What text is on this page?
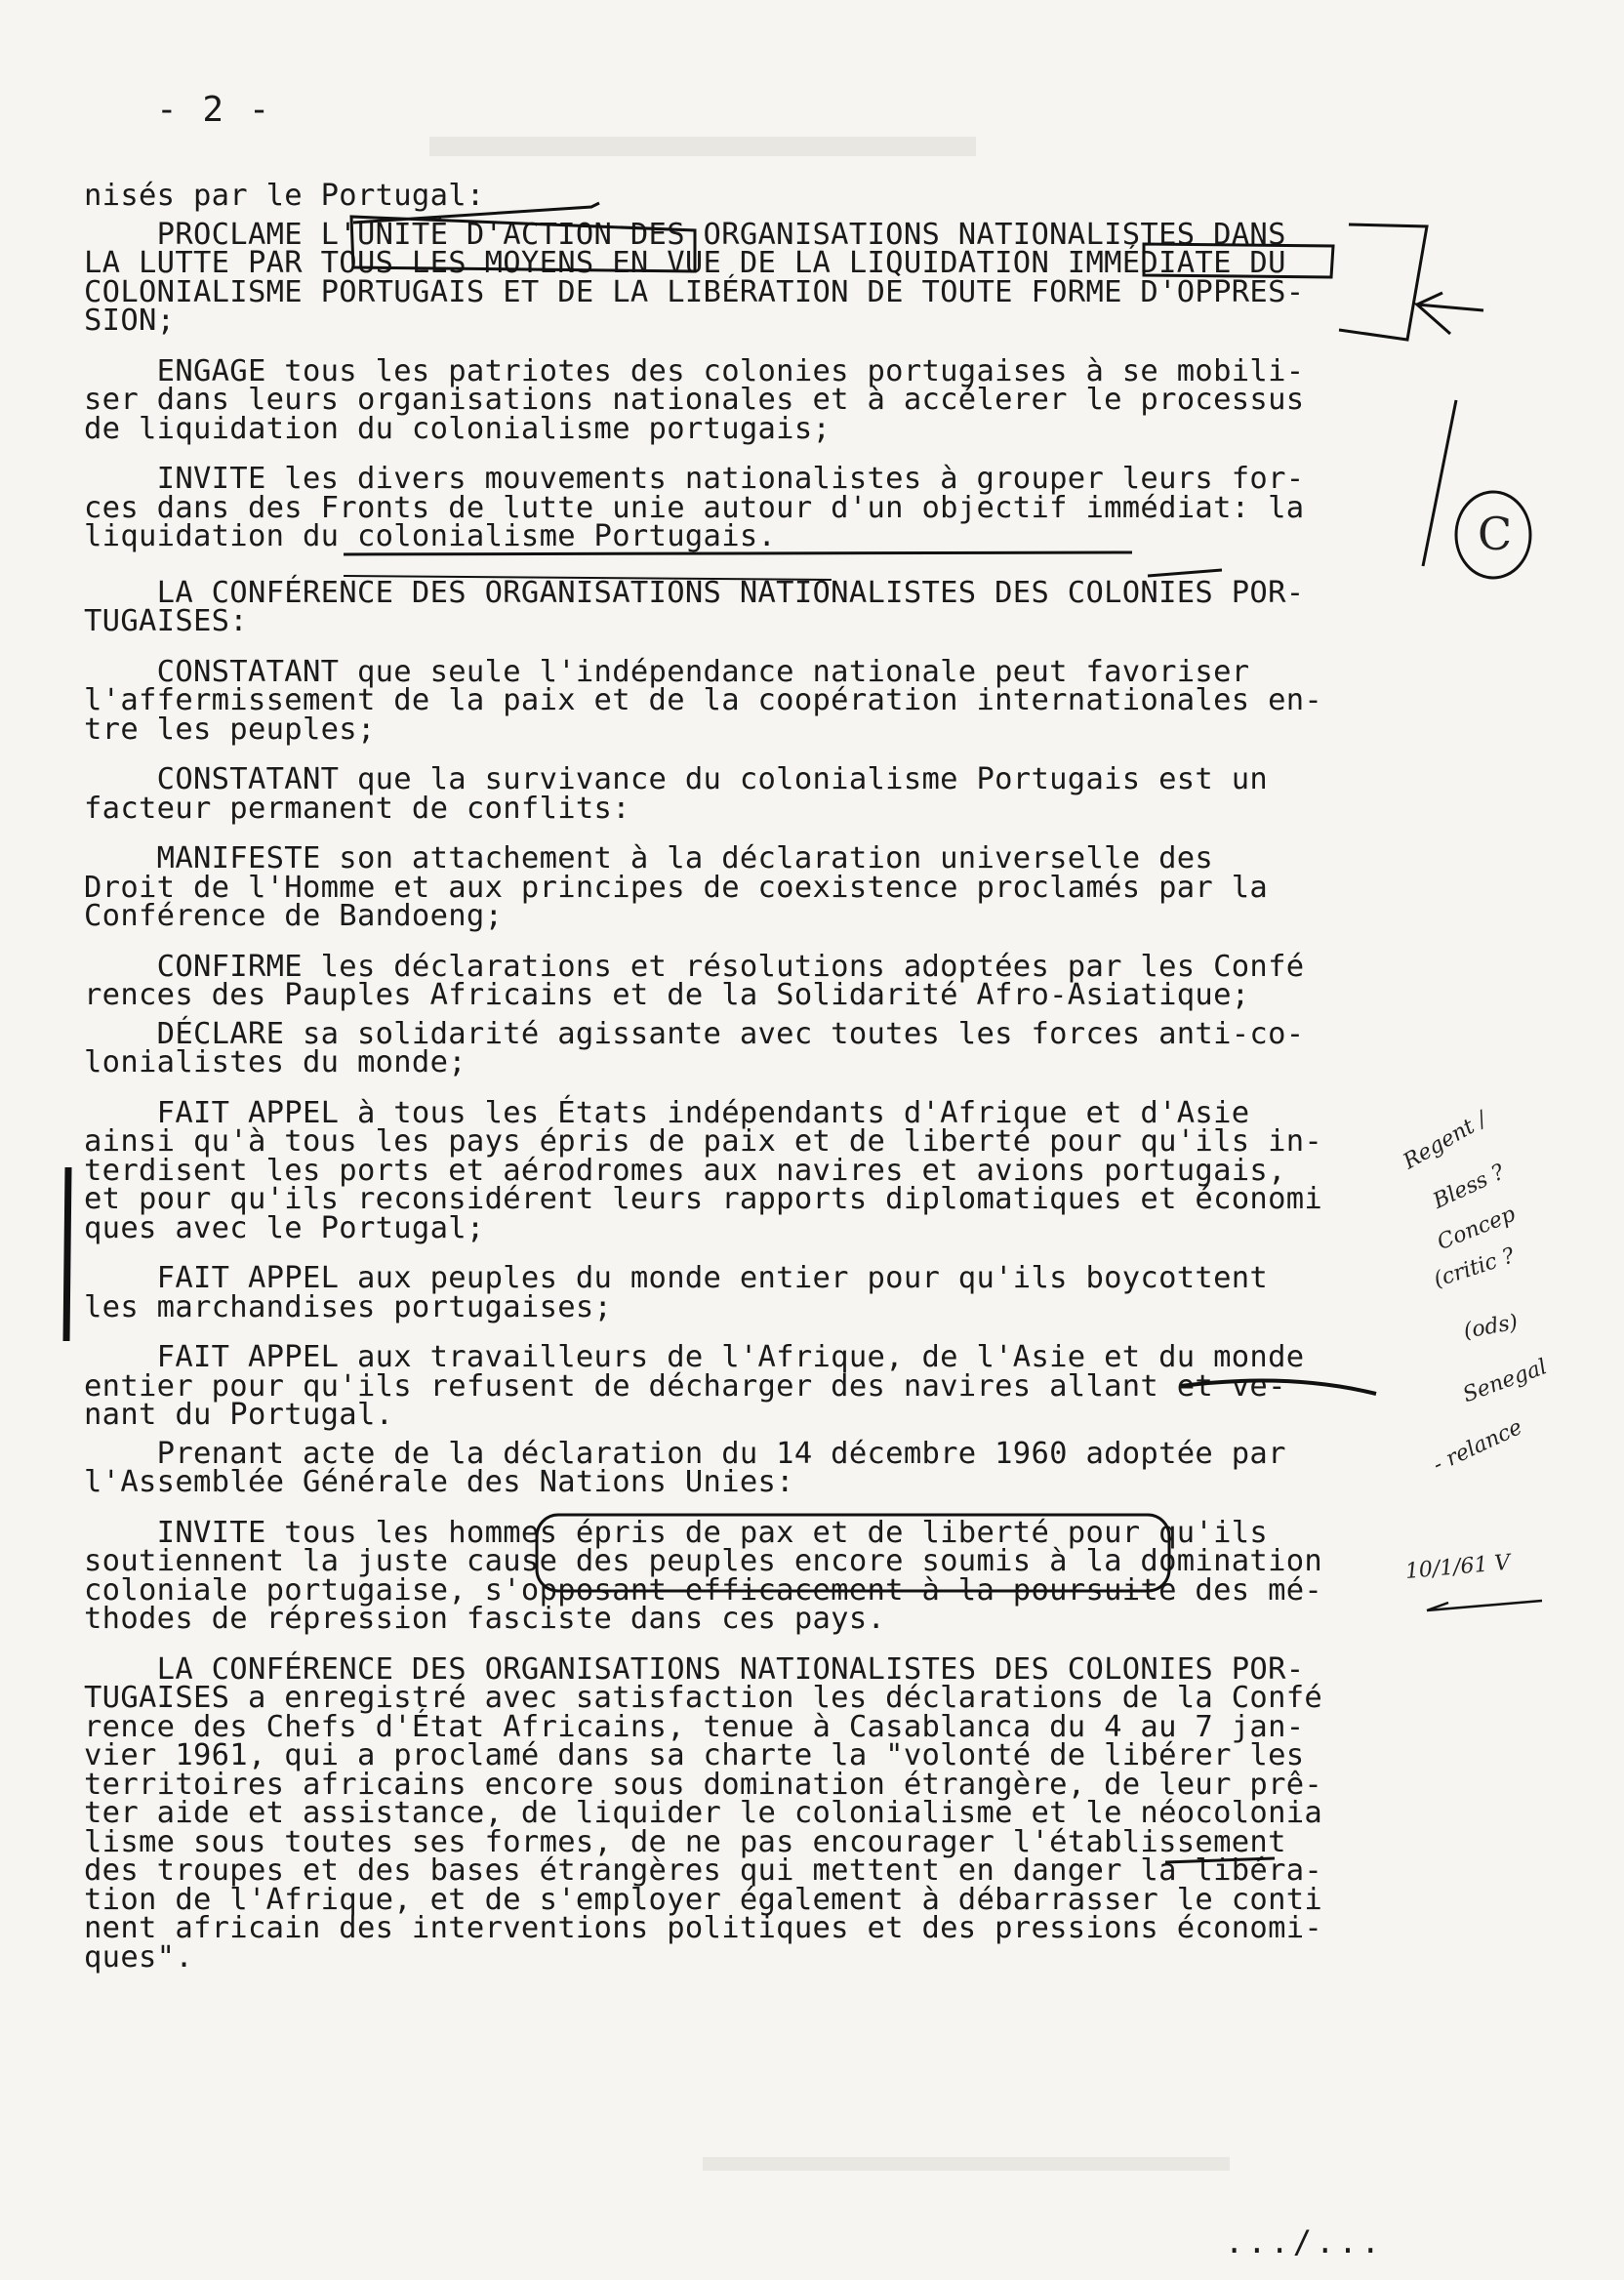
- 2 -
nisés par le Portugal:
PROCLAME L'UNITÉ D'ACTION DES ORGANISATIONS NATIONALISTES DANS
LA LUTTE PAR TOUS LES MOYENS EN VUE DE LA LIQUIDATION IMMÉDIATE DU
COLONIALISME PORTUGAIS ET DE LA LIBÉRATION DE TOUTE FORME D'OPPRES-
SION;
ENGAGE tous les patriotes des colonies portugaises à se mobili-
ser dans leurs organisations nationales et à accélerer le processus
de liquidation du colonialisme portugais;
INVITE les divers mouvements nationalistes à grouper leurs for-
ces dans des Fronts de lutte unie autour d'un objectif immédiat: la
liquidation du colonialisme Portugais.
LA CONFÉRENCE DES ORGANISATIONS NATIONALISTES DES COLONIES POR-
TUGAISES:
CONSTATANT que seule l'indépendance nationale peut favoriser
l'affermissement de la paix et de la coopération internationales en-
tre les peuples;
CONSTATANT que la survivance du colonialisme Portugais est un
facteur permanent de conflits:
MANIFESTE son attachement à la déclaration universelle des
Droit de l'Homme et aux principes de coexistence proclamés par la
Conférence de Bandoeng;
CONFIRME les déclarations et résolutions adoptées par les Confé
rences des Pauples Africains et de la Solidarité Afro-Asiatique;
DÉCLARE sa solidarité agissante avec toutes les forces anti-co-
lonialistes du monde;
FAIT APPEL à tous les États indépendants d'Afrique et d'Asie
ainsi qu'à tous les pays épris de paix et de liberté pour qu'ils in-
terdisent les ports et aérodromes aux navires et avions portugais,
et pour qu'ils reconsidérent leurs rapports diplomatiques et économi
ques avec le Portugal;
FAIT APPEL aux peuples du monde entier pour qu'ils boycottent
les marchandises portugaises;
FAIT APPEL aux travailleurs de l'Afrique, de l'Asie et du monde
entier pour qu'ils refusent de décharger des navires allant et ve-
nant du Portugal.
Prenant acte de la déclaration du 14 décembre 1960 adoptée par
l'Assemblée Générale des Nations Unies:
INVITE tous les hommes épris de pax et de liberté pour qu'ils
soutiennent la juste cause des peuples encore soumis à la domination
coloniale portugaise, s'opposant efficacement à la poursuite des mé-
thodes de répression fasciste dans ces pays.
LA CONFÉRENCE DES ORGANISATIONS NATIONALISTES DES COLONIES POR-
TUGAISES a enregistré avec satisfaction les déclarations de la Confé
rence des Chefs d'État Africains, tenue à Casablanca du 4 au 7 jan-
vier 1961, qui a proclamé dans sa charte la "volonté de libérer les
territoires africains encore sous domination étrangère, de leur prê-
ter aide et assistance, de liquider le colonialisme et le néocolonia
lisme sous toutes ses formes, de ne pas encourager l'établissement
des troupes et des bases étrangères qui mettent en danger la libéra-
tion de l'Afrique, et de s'employer également à débarrasser le conti
nent africain des interventions politiques et des pressions économi-
ques".
.../...
C
Regent /
Bless ?
Concep
(critic ?
(ods)
Senegal
- relance
10/1/61 V
